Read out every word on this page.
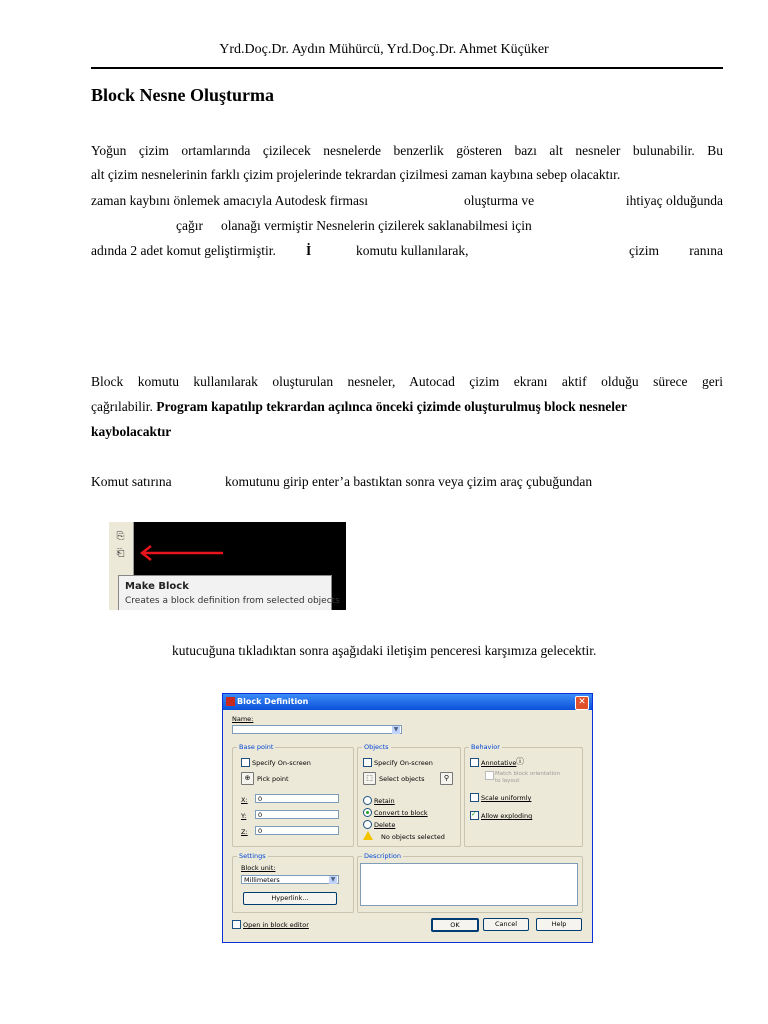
Yrd.Doç.Dr. Aydın Mühürcü, Yrd.Doç.Dr. Ahmet Küçüker
Block Nesne Oluşturma
Yoğun çizim ortamlarında çizilecek nesnelerde benzerlik gösteren bazı alt nesneler bulunabilir. Bu
alt çizim nesnelerinin farklı çizim projelerinde tekrardan çizilmesi zaman kaybına sebep olacaktır.
zaman kaybını önlemek amacıyla Autodesk firması	oluşturma ve	ihtiyaç olduğunda
çağır olanağı vermiştir Nesnelerin çizilerek saklanabilmesi için
adında 2 adet komut geliştirmiştir. İ	komutu kullanılarak,	çizim ranına
Block komutu kullanılarak oluşturulan nesneler, Autocad çizim ekranı aktif olduğu sürece geri
çağrılabilir. Program kapatılıp tekrardan açılınca önceki çizimde oluşturulmuş block nesneler
kaybolacaktır
Komut satırına	komutunu girip enter’a bastıktan sonra veya çizim araç çubuğundan
⎘
⎗
Make Block
Creates a block definition from selected objects
kutucuğuna tıkladıktan sonra aşağıdaki iletişim penceresi karşımıza gelecektir.
Block Definition	✕
Name:
▼
Base point
Specify On-screen
⊕	Pick point
X:	0
Y:	0
Z:	0
Objects
Specify On-screen
⬚ Select objects	⚲
Retain
Convert to block
Delete
No objects selected
Behavior
Annotative ⓘ
Match block orientation to layout
Scale uniformly
✓
Allow exploding
Settings
Block unit:
Millimeters	▼
Hyperlink...
Description
Open in block editor	OK	Cancel	Help
